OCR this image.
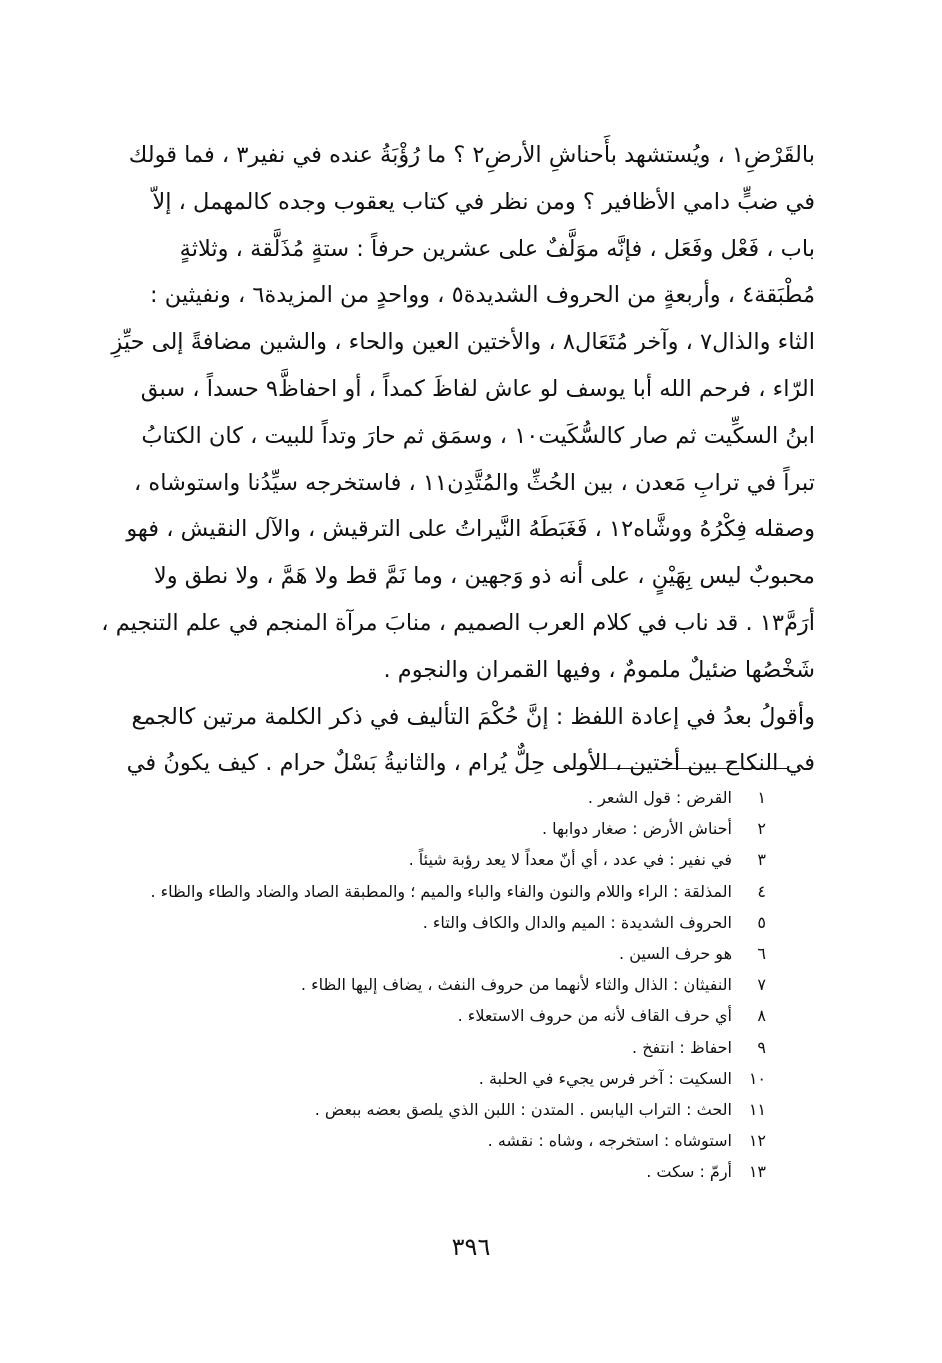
بالقَرْضِ١ ، ويُستشهد بأَحناشِ الأرضِ٢ ؟ ما رُؤْبَةُ عنده في نفير٣ ، فما قولك
في ضبٍّ دامي الأظافير ؟ ومن نظر في كتاب يعقوب وجده كالمهمل ، إلاّ
باب ، فَعْل وفَعَل ، فإنَّه موَلَّفٌ على عشرين حرفاً : ستةٍ مُذَلَّقة ، وثلاثةٍ
مُطْبَقة٤ ، وأربعةٍ من الحروف الشديدة٥ ، وواحدٍ من المزيدة٦ ، ونفيثين :
الثاء والذال٧ ، وآخر مُتَعَال٨ ، والأختين العين والحاء ، والشين مضافةً إلى حيِّزِ
الرّاء ، فرحم الله أبا يوسف لو عاش لفاظَ كمداً ، أو احفاظَّ٩ حسداً ، سبق
ابنُ السكِّيت ثم صار كالسُّكَيت١٠ ، وسمَق ثم حارَ وتداً للبيت ، كان الكتابُ
تبراً في ترابِ مَعدن ، بين الحُثِّ والمُتَّدِن١١ ، فاستخرجه سيِّدُنا واستوشاه ،
وصقله فِكْرُهُ ووشَّاه١٢ ، فَغَبَطَهُ النَّيراتُ على الترقيش ، والآل النقيش ، فهو
محبوبٌ ليس بِهَيْنٍ ، على أنه ذو وَجهين ، وما نَمَّ قط ولا هَمَّ ، ولا نطق ولا
أرَمَّ١٣ . قد ناب في كلام العرب الصميم ، منابَ مرآة المنجم في علم التنجيم ،
شَخْصُها ضئيلٌ ملمومٌ ، وفيها القمران والنجوم .
وأقولُ بعدُ في إعادة اللفظ : إنَّ حُكْمَ التأليف في ذكر الكلمة مرتين كالجمع
في النكاح بين أختين ، الأولى حِلٌّ يُرام ، والثانيةُ بَسْلٌ حرام . كيف يكونُ في
١
القرض : قول الشعر .
٢
أحناش الأرض : صغار دوابها .
٣
في نفير : في عدد ، أي أنّ معداً لا يعد رؤبة شيئاً .
٤
المذلقة : الراء واللام والنون والفاء والباء والميم ؛ والمطبقة الصاد والضاد والطاء والظاء .
٥
الحروف الشديدة : الميم والدال والكاف والتاء .
٦
هو حرف السين .
٧
النفيثان : الذال والثاء لأنهما من حروف النفث ، يضاف إليها الظاء .
٨
أي حرف القاف لأنه من حروف الاستعلاء .
٩
احفاظ : انتفخ .
١٠
السكيت : آخر فرس يجيء في الحلبة .
١١
الحث : التراب اليابس . المتدن : اللبن الذي يلصق بعضه ببعض .
١٢
استوشاه : استخرجه ، وشاه : نقشه .
١٣
أرمّ : سكت .
٣٩٦
